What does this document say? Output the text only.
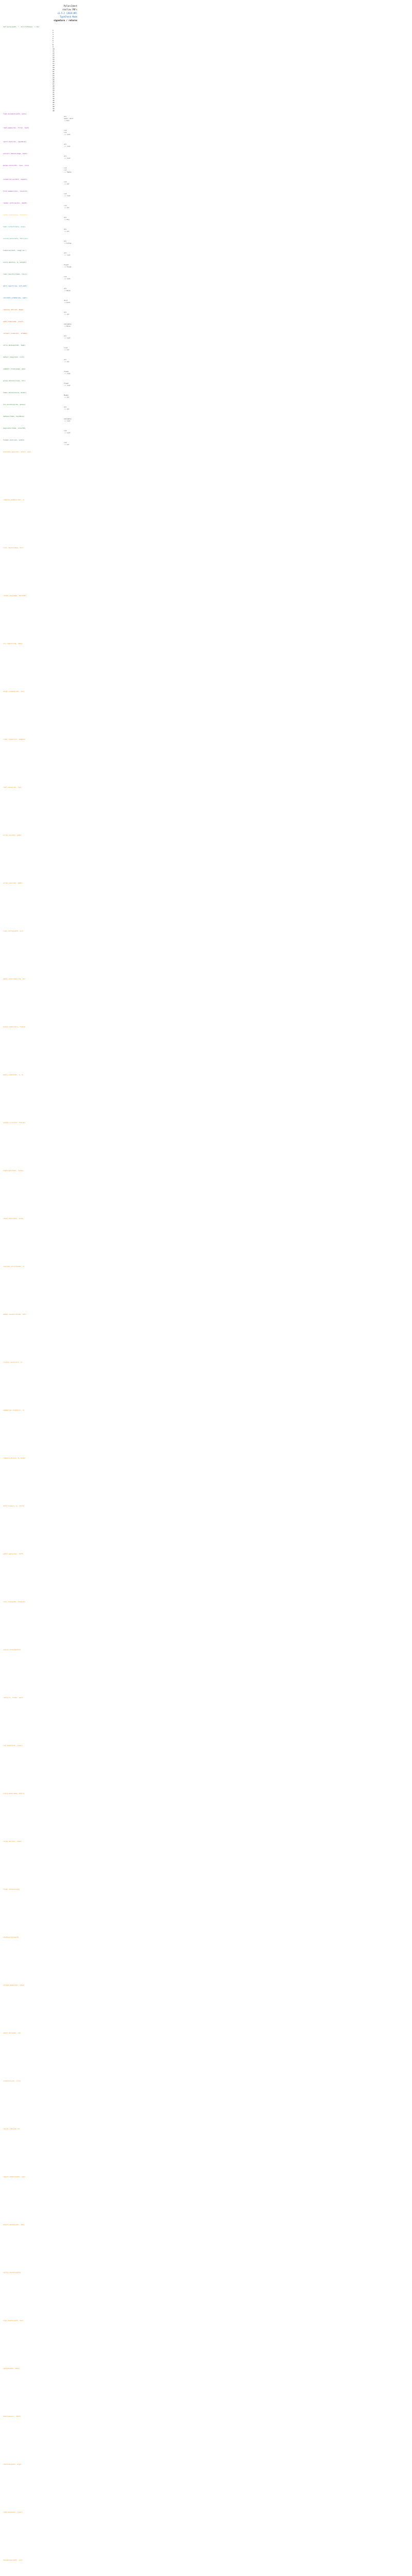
PyFuncIdent
shallow PDFs
v1.5.2 (2024-09)
TypeCheck Mode
signature / returns
def parse(path, *, strict=False) -> Doc
1
2
3
4
5
6
7
8
9
10
11
12
13
14
15
16
17
18
19
20
21
22
23
24
25
26
27
28
29
30
31
32
33
34
35
36
37
38
39
40
load_document(path, opts)
str
opts: dict
-> Doc
read_pages(doc, first, last)
int
int
-> list
split_text(doc, sep=None)
str
-> list
extract_tables(page, mode)
str
-> list
merge_cells(tbl, rows, cols)
int
int
-> Table
normalize_ws(text, keep=1)
int
-> str
find_headers(doc, level=2)
int
-> list
render_outline(doc, depth)
int
-> str
cache_lookup(key, default)
str
-> Any
hash_content(data, algo)
str
-> str
encode_meta(meta, fmt=json)
str
-> bytes
tokenize(text, lang='en')
str
-> list
score_match(a, b, weight)
float
-> float
rank_results(items, top_k)
int
-> list
emit_report(res, out_path)
str
-> None
validate_schema(obj, spec)
dict
-> bool
resolve_ref(ref, base)
str
-> str
walk_tree(node, visit)
Callable
-> None
collect_links(doc, scheme)
str
-> list
strip_markup(html, tags)
list
-> str
detect_lang(text, hint)
str
-> str
segment_lines(page, gap)
float
-> list
group_blocks(lines, thr)
float
-> list
label_block(block, model)
Model
-> str
fix_encoding(raw, guess)
str
-> str
dedupe(items, key=None)
Callable
-> list
paginate(items, size=50)
int
-> list
format_cell(val, width)
int
-> str
annotate_span(doc, start, end)
compose_summary(doc, n)
clip_region(page, box)
render_png(page, dpi=150)
ocr_region(img, lang)
align_columns(tbl, tol)
infer_types(col, sample)
cast_value(val, typ)
write_csv(tbl, path)
write_json(obj, path)
load_config(path, env)
apply_overrides(cfg, kv)
build_index(docs, field)
query_index(idx, q, k)
explain_hit(hit, fields)
highlight(text, terms)
chunk_text(text, size)
overlap_join(chunks, n)
embed_chunks(chunks, mdl)
cluster_vecs(vecs, k)
summarize_cluster(c, n)
compare_docs(a, b, mode)
diff_lines(a, b, ctx=3)
patch_apply(doc, diff)
lock_file(path, timeout)
unlock_file(handle)
retry(fn, times, wait)
log_event(evt, level)
trace_span(name, attrs)
close_doc(doc, save)
flush_cache(scope)
shutdown(grace=5)
stream_pages(doc, step)
watch_dir(path, cb)
schedule(job, cron)
cancel_job(job_id)
report_stats(stats, out)
export_bundle(doc, fmt)
verify_bundle(path)
sign_bundle(path, key)
upload(path, dest)
download(src, dest)
checksum(path, algo)
compress(path, level)
decompress(path, out)
